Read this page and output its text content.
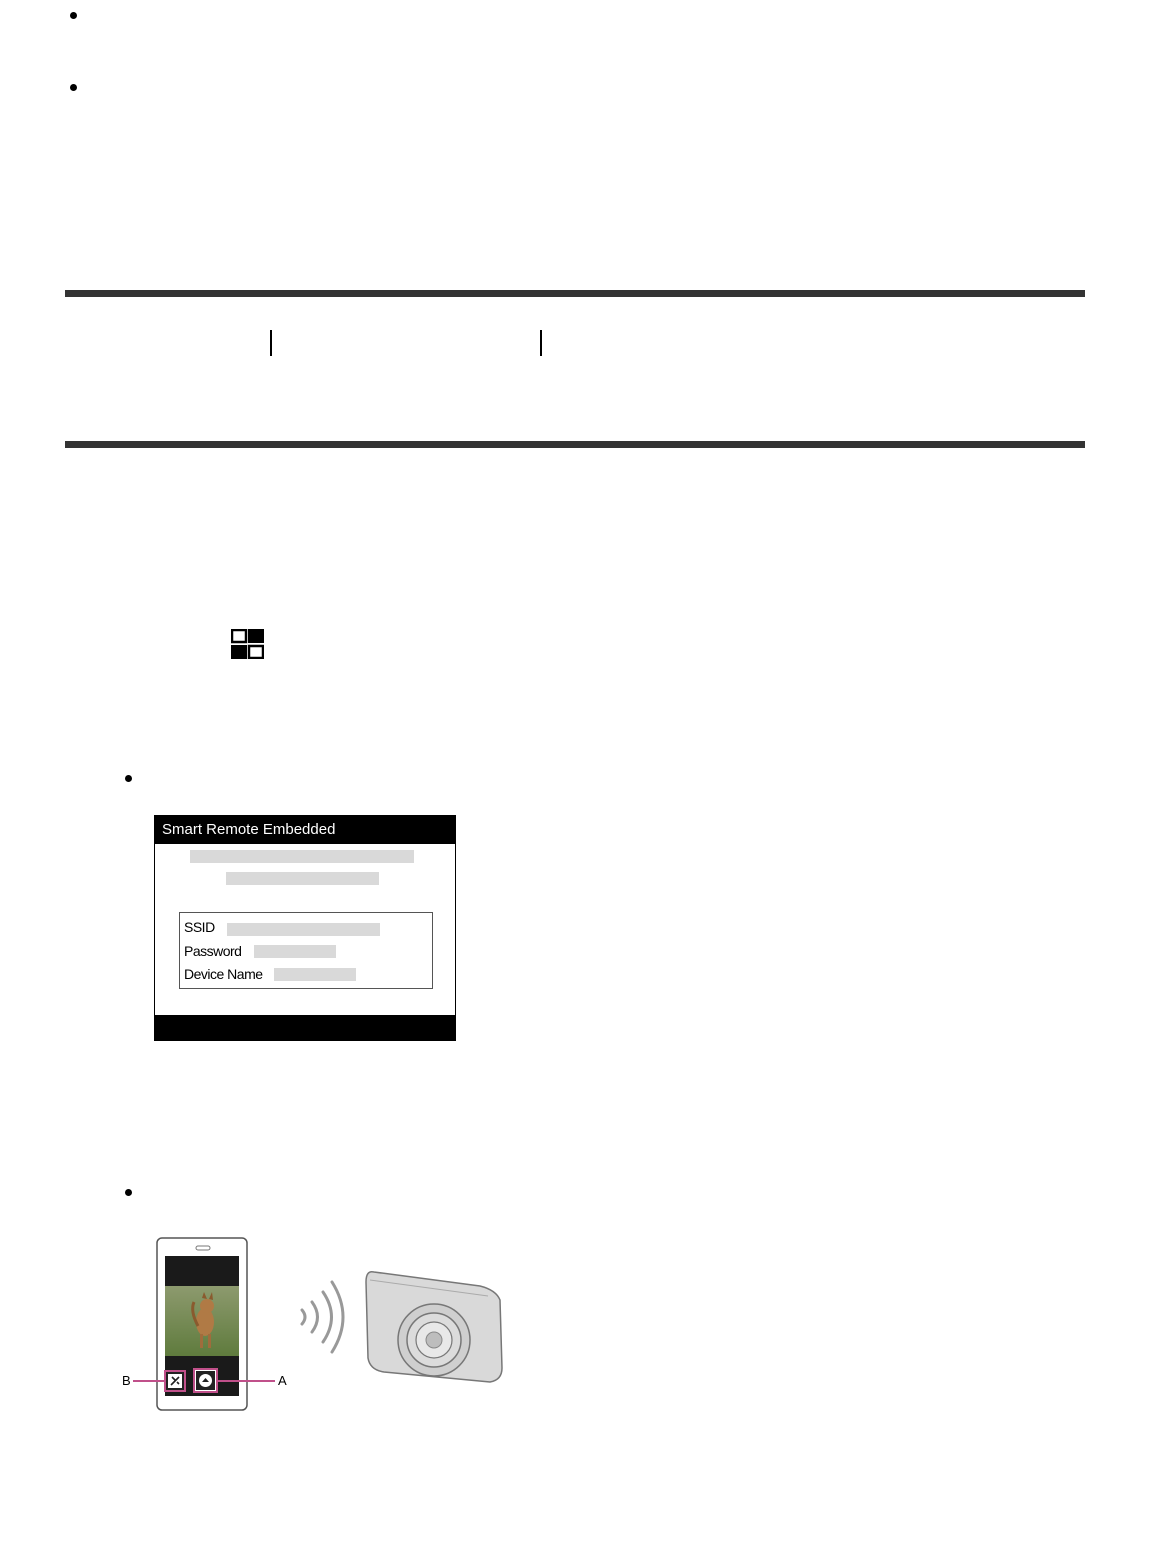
Smart Remote Embedded
SSID
Password
Device Name
B	A
